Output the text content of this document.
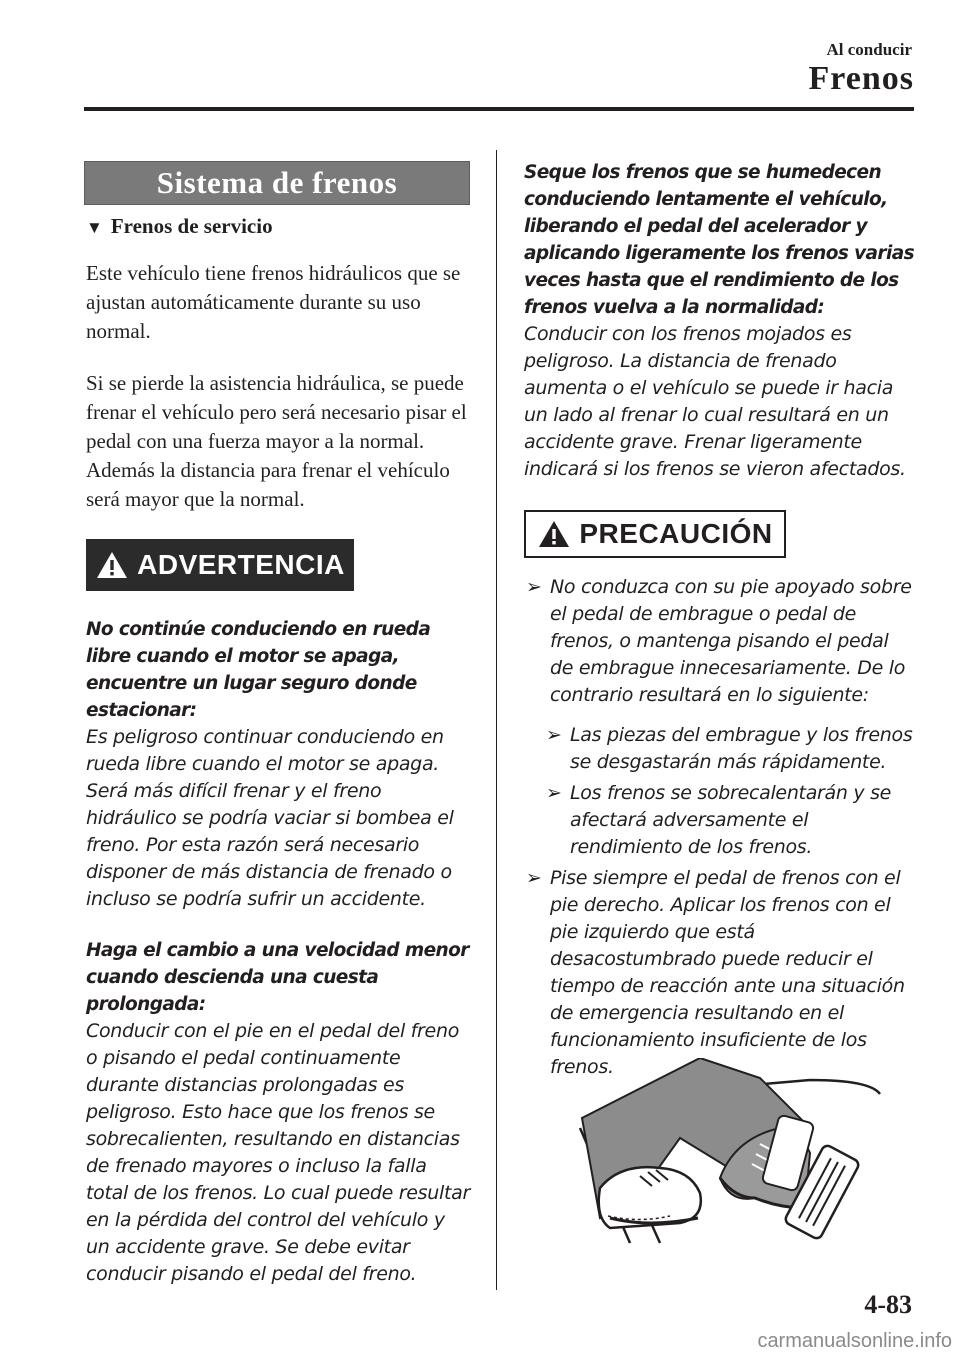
Al conducir
Frenos
Sistema de frenos
▼ Frenos de servicio

Este vehículo tiene frenos hidráulicos que se ajustan automáticamente durante su uso normal.

Si se pierde la asistencia hidráulica, se puede frenar el vehículo pero será necesario pisar el pedal con una fuerza mayor a la normal. Además la distancia para frenar el vehículo será mayor que la normal.

ADVERTENCIA
No continúe conduciendo en rueda libre cuando el motor se apaga, encuentre un lugar seguro donde estacionar:
Es peligroso continuar conduciendo en rueda libre cuando el motor se apaga. Será más difícil frenar y el freno hidráulico se podría vaciar si bombea el freno. Por esta razón será necesario disponer de más distancia de frenado o incluso se podría sufrir un accidente.
Haga el cambio a una velocidad menor cuando descienda una cuesta prolongada:
Conducir con el pie en el pedal del freno o pisando el pedal continuamente durante distancias prolongadas es peligroso. Esto hace que los frenos se sobrecalienten, resultando en distancias de frenado mayores o incluso la falla total de los frenos. Lo cual puede resultar en la pérdida del control del vehículo y un accidente grave. Se debe evitar conducir pisando el pedal del freno.
Seque los frenos que se humedecen conduciendo lentamente el vehículo, liberando el pedal del acelerador y aplicando ligeramente los frenos varias veces hasta que el rendimiento de los frenos vuelva a la normalidad:
Conducir con los frenos mojados es peligroso. La distancia de frenado aumenta o el vehículo se puede ir hacia un lado al frenar lo cual resultará en un accidente grave. Frenar ligeramente indicará si los frenos se vieron afectados.
PRECAUCIÓN
➢ No conduzca con su pie apoyado sobre el pedal de embrague o pedal de frenos, o mantenga pisando el pedal de embrague innecesariamente. De lo contrario resultará en lo siguiente:
➢ Las piezas del embrague y los frenos se desgastarán más rápidamente.
➢ Los frenos se sobrecalentarán y se afectará adversamente el rendimiento de los frenos.
➢ Pise siempre el pedal de frenos con el pie derecho. Aplicar los frenos con el pie izquierdo que está desacostumbrado puede reducir el tiempo de reacción ante una situación de emergencia resultando en el funcionamiento insuficiente de los frenos.
4-83
carmanualsonline.info
